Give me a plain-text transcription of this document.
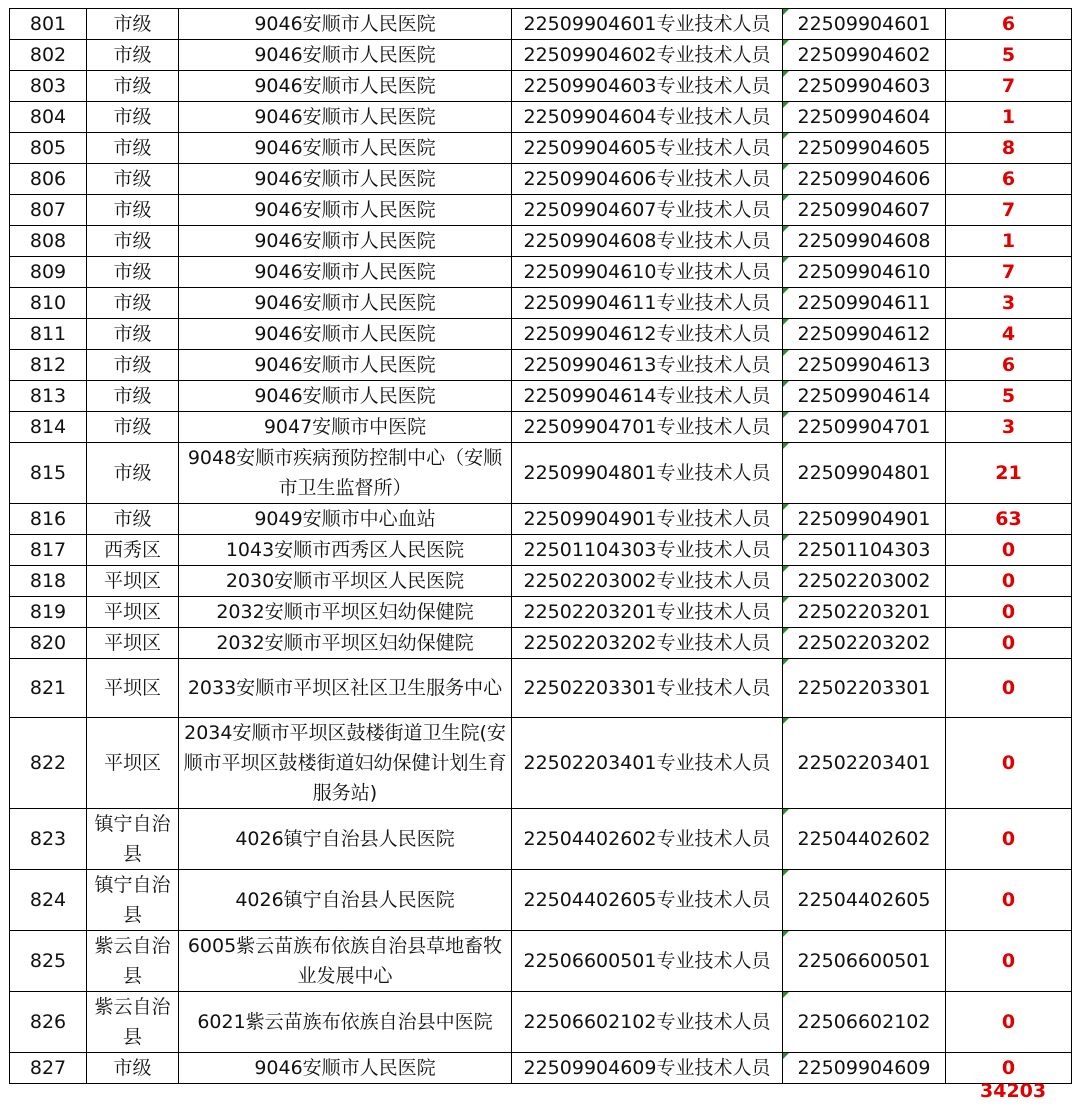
801	市级	9046安顺市人民医院	22509904601专业技术人员	22509904601	6
802	市级	9046安顺市人民医院	22509904602专业技术人员	22509904602	5
803	市级	9046安顺市人民医院	22509904603专业技术人员	22509904603	7
804	市级	9046安顺市人民医院	22509904604专业技术人员	22509904604	1
805	市级	9046安顺市人民医院	22509904605专业技术人员	22509904605	8
806	市级	9046安顺市人民医院	22509904606专业技术人员	22509904606	6
807	市级	9046安顺市人民医院	22509904607专业技术人员	22509904607	7
808	市级	9046安顺市人民医院	22509904608专业技术人员	22509904608	1
809	市级	9046安顺市人民医院	22509904610专业技术人员	22509904610	7
810	市级	9046安顺市人民医院	22509904611专业技术人员	22509904611	3
811	市级	9046安顺市人民医院	22509904612专业技术人员	22509904612	4
812	市级	9046安顺市人民医院	22509904613专业技术人员	22509904613	6
813	市级	9046安顺市人民医院	22509904614专业技术人员	22509904614	5
814	市级	9047安顺市中医院	22509904701专业技术人员	22509904701	3
815	市级	9048安顺市疾病预防控制中心（安顺市卫生监督所）	22509904801专业技术人员	22509904801	21
816	市级	9049安顺市中心血站	22509904901专业技术人员	22509904901	63
817	西秀区	1043安顺市西秀区人民医院	22501104303专业技术人员	22501104303	0
818	平坝区	2030安顺市平坝区人民医院	22502203002专业技术人员	22502203002	0
819	平坝区	2032安顺市平坝区妇幼保健院	22502203201专业技术人员	22502203201	0
820	平坝区	2032安顺市平坝区妇幼保健院	22502203202专业技术人员	22502203202	0
821	平坝区	2033安顺市平坝区社区卫生服务中心	22502203301专业技术人员	22502203301	0
822	平坝区	2034安顺市平坝区鼓楼街道卫生院(安顺市平坝区鼓楼街道妇幼保健计划生育服务站)	22502203401专业技术人员	22502203401	0
823	镇宁自治县	4026镇宁自治县人民医院	22504402602专业技术人员	22504402602	0
824	镇宁自治县	4026镇宁自治县人民医院	22504402605专业技术人员	22504402605	0
825	紫云自治县	6005紫云苗族布依族自治县草地畜牧业发展中心	22506600501专业技术人员	22506600501	0
826	紫云自治县	6021紫云苗族布依族自治县中医院	22506602102专业技术人员	22506602102	0
827	市级	9046安顺市人民医院	22509904609专业技术人员	22509904609	0
34203
